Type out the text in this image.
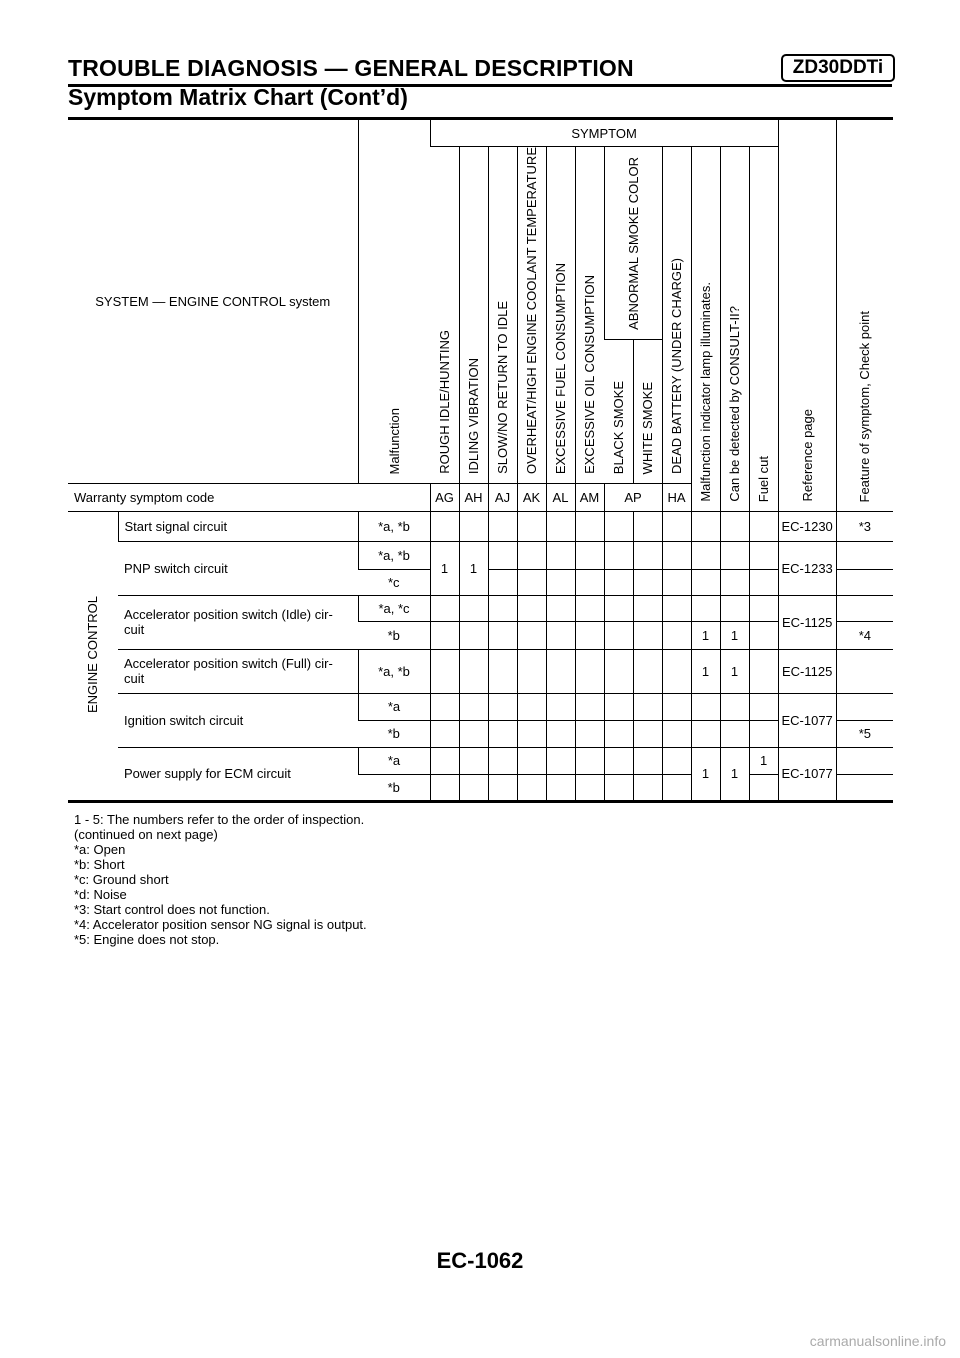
TROUBLE DIAGNOSIS — GENERAL DESCRIPTION	ZD30DDTi
Symptom Matrix Chart (Cont’d)
SYSTEM — ENGINE CONTROL system		Malfunction	SYMPTOM												Reference page	Feature of symptom, Check point
			ROUGH IDLE/HUNTING	IDLING VIBRATION	SLOW/NO RETURN TO IDLE	OVERHEAT/HIGH ENGINE COOLANT TEMPERATURE	EXCESSIVE FUEL CONSUMPTION	EXCESSIVE OIL CONSUMPTION	ABNORMAL SMOKE COLOR		DEAD BATTERY (UNDER CHARGE)	Malfunction indicator lamp illuminates.	Can be detected by CONSULT-II?	Fuel cut		

									BLACK SMOKE	WHITE SMOKE						
Warranty symptom code			AG	AH	AJ	AK	AL	AM	AP		HA					
ENGINE CONTROL	Start signal circuit	*a, *b													EC-1230	*3
	PNP switch circuit	*a, *b	1	1											EC-1233	
		*c														
	Accelerator position switch (Idle) cir-
cuit	*a, *c													EC-1125	
		*b										1	1			*4
	Accelerator position switch (Full) cir-
cuit	*a, *b										1	1		EC-1125	
	Ignition switch circuit	*a													EC-1077	
		*b														*5
	Power supply for ECM circuit	*a										1	1	1	EC-1077	
		*b														
1 - 5: The numbers refer to the order of inspection.
(continued on next page)
*a: Open
*b: Short
*c: Ground short
*d: Noise
*3: Start control does not function.
*4: Accelerator position sensor NG signal is output.
*5: Engine does not stop.
EC-1062
carmanualsonline.info
